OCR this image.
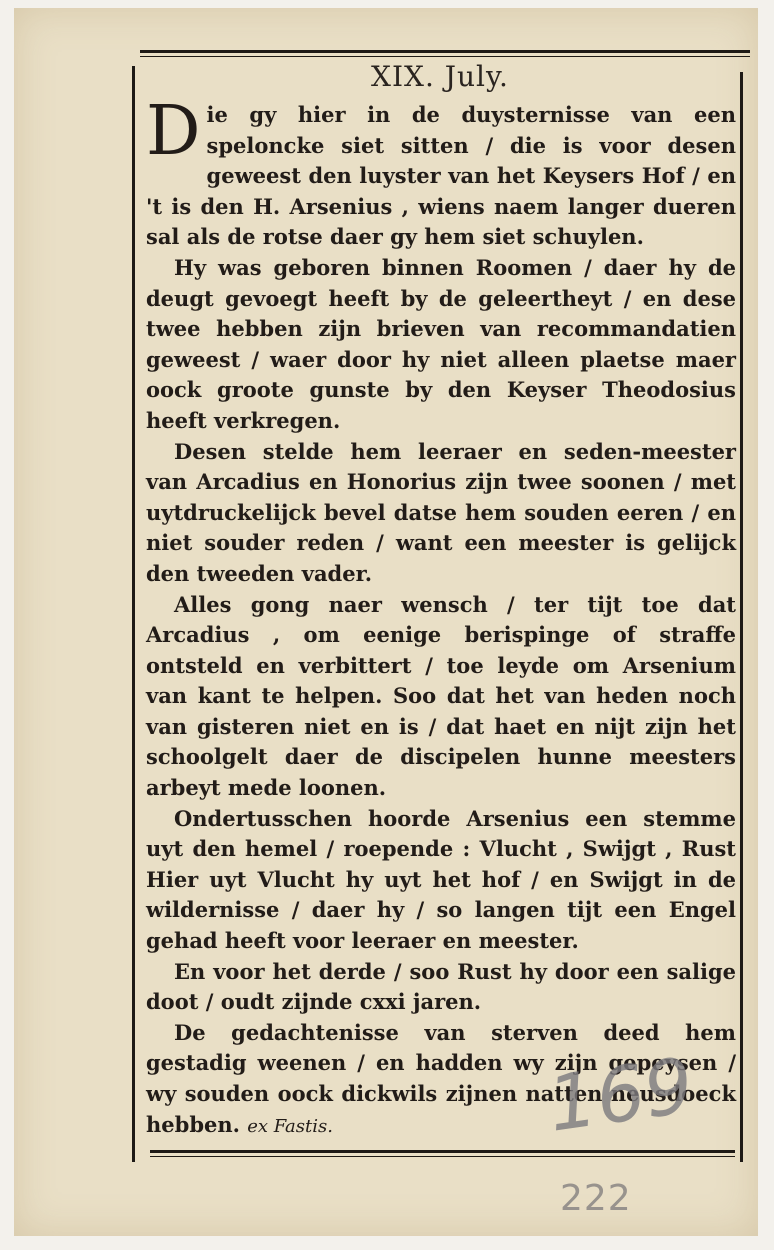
XIX. July.

Die gy hier in de duysternisse van een speloncke siet sitten / die is voor desen geweest den luyster van het Keysers Hof / en 't is den H. Arsenius , wiens naem langer dueren sal als de rotse daer gy hem siet schuylen.

Hy was geboren binnen Roomen / daer hy de deugt gevoegt heeft by de geleertheyt / en dese twee hebben zijn brieven van recommandatien geweest / waer door hy niet alleen plaetse maer oock groote gunste by den Keyser Theodosius heeft verkregen.

Desen stelde hem leeraer en seden-meester van Arcadius en Honorius zijn twee soonen / met uytdruckelijck bevel datse hem souden eeren / en niet souder reden / want een meester is gelijck den tweeden vader.

Alles gong naer wensch / ter tijt toe dat Arcadius , om eenige berispinge of straffe ontsteld en verbittert / toe leyde om Arsenium van kant te helpen. Soo dat het van heden noch van gisteren niet en is / dat haet en nijt zijn het schoolgelt daer de discipelen hunne meesters arbeyt mede loonen.

Ondertusschen hoorde Arsenius een stemme uyt den hemel / roepende : Vlucht , Swijgt , Rust Hier uyt Vlucht hy uyt het hof / en Swijgt in de wildernisse / daer hy / so langen tijt een Engel gehad heeft voor leeraer en meester.

En voor het derde / soo Rust hy door een salige doot / oudt zijnde cxxi jaren.

De gedachtenisse van sterven deed hem gestadig weenen / en hadden wy zijn gepeysen / wy souden oock dickwils zijnen natten neusdoeck hebben. ex Fastis.	169
222
